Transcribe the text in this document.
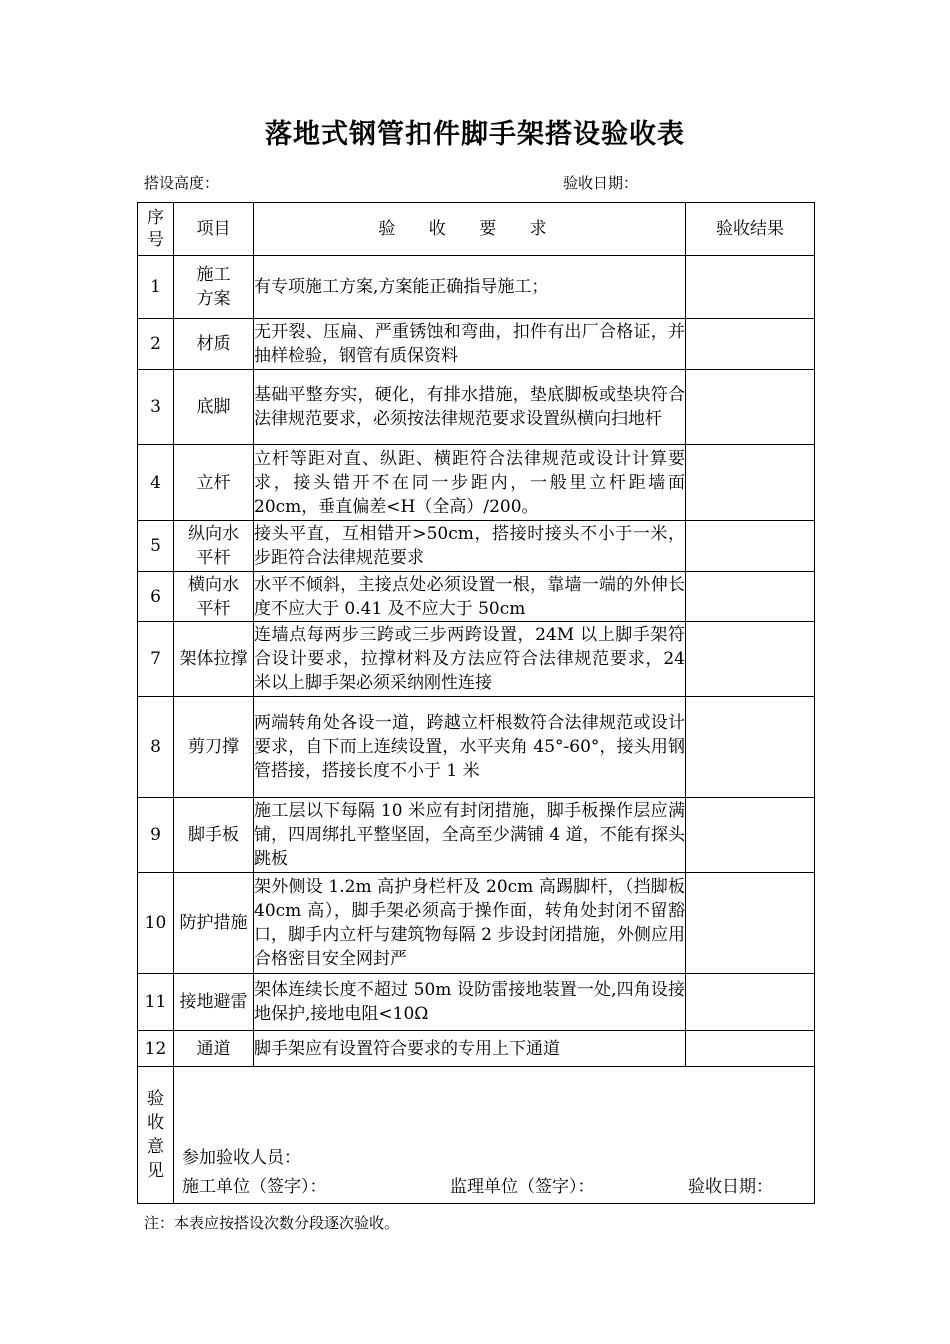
落地式钢管扣件脚手架搭设验收表
搭设高度：	验收日期：
序号	项目	验 收 要 求	验收结果
1	施工方案	有专项施工方案,方案能正确指导施工；	
2	材质	无开裂、压扁、严重锈蚀和弯曲，扣件有出厂合格证，并抽样检验，钢管有质保资料	
3	底脚	基础平整夯实，硬化，有排水措施，垫底脚板或垫块符合法律规范要求，必须按法律规范要求设置纵横向扫地杆	
4	立杆	立杆等距对直、纵距、横距符合法律规范或设计计算要求，接头错开不在同一步距内，一般里立杆距墙面 20cm，垂直偏差<H（全高）/200。	
5	纵向水平杆	接头平直，互相错开>50cm，搭接时接头不小于一米，步距符合法律规范要求	
6	横向水平杆	水平不倾斜，主接点处必须设置一根，靠墙一端的外伸长度不应大于 0.41 及不应大于 50cm	
7	架体拉撑	连墙点每两步三跨或三步两跨设置，24M 以上脚手架符合设计要求，拉撑材料及方法应符合法律规范要求，24 米以上脚手架必须采纳刚性连接	
8	剪刀撑	两端转角处各设一道，跨越立杆根数符合法律规范或设计要求，自下而上连续设置，水平夹角 45°-60°，接头用钢管搭接，搭接长度不小于 1 米	
9	脚手板	施工层以下每隔 10 米应有封闭措施，脚手板操作层应满铺，四周绑扎平整坚固，全高至少满铺 4 道，不能有探头跳板	
10	防护措施	架外侧设 1.2m 高护身栏杆及 20cm 高踢脚杆，（挡脚板 40cm 高），脚手架必须高于操作面，转角处封闭不留豁口，脚手内立杆与建筑物每隔 2 步设封闭措施，外侧应用合格密目安全网封严	
11	接地避雷	架体连续长度不超过 50m 设防雷接地装置一处,四角设接地保护,接地电阻<10Ω	
12	通道	脚手架应有设置符合要求的专用上下通道	
验收意见	参加验收人员：
施工单位（签字）： 监理单位（签字）： 验收日期：		
注：本表应按搭设次数分段逐次验收。
